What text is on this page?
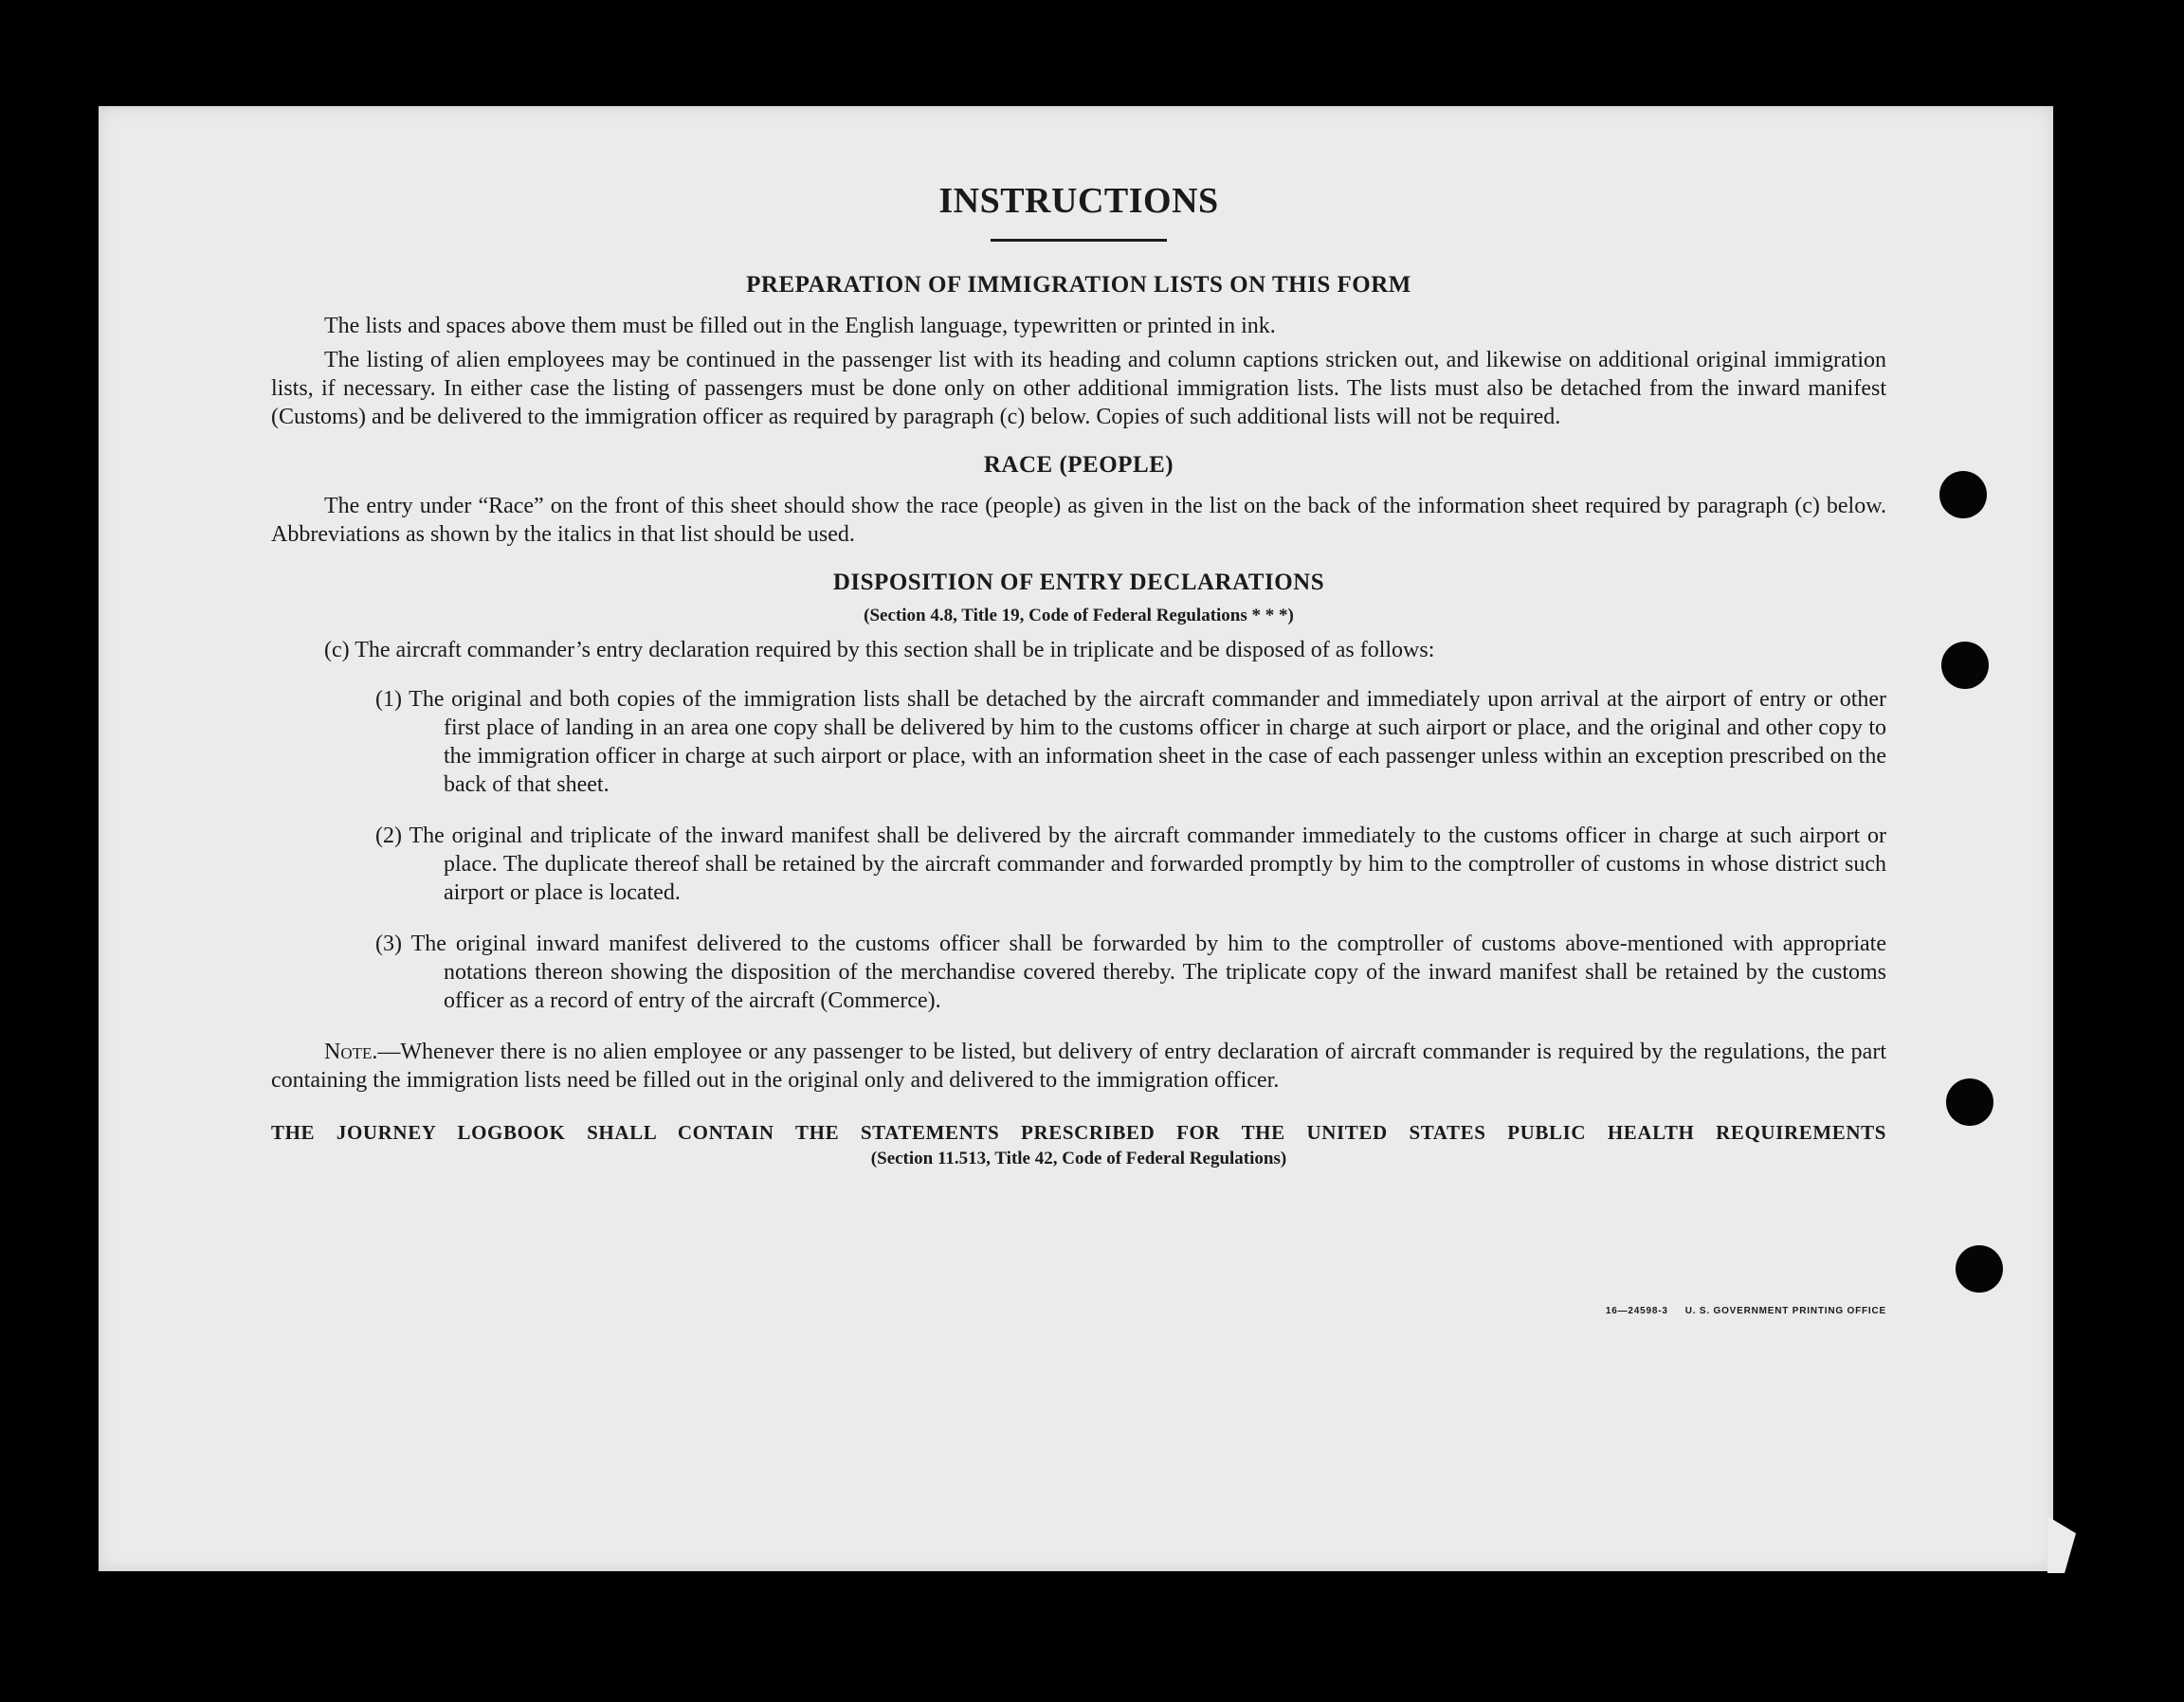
INSTRUCTIONS
PREPARATION OF IMMIGRATION LISTS ON THIS FORM

The lists and spaces above them must be filled out in the English language, typewritten or printed in ink.

The listing of alien employees may be continued in the passenger list with its heading and column captions stricken out, and likewise on additional original immigration lists, if necessary. In either case the listing of passengers must be done only on other additional immigration lists. The lists must also be detached from the inward manifest (Customs) and be delivered to the immigration officer as required by paragraph (c) below. Copies of such additional lists will not be required.

RACE (PEOPLE)

The entry under “Race” on the front of this sheet should show the race (people) as given in the list on the back of the information sheet required by paragraph (c) below. Abbreviations as shown by the italics in that list should be used.

DISPOSITION OF ENTRY DECLARATIONS

(Section 4.8, Title 19, Code of Federal Regulations * * *)

(c) The aircraft commander’s entry declaration required by this section shall be in triplicate and be disposed of as follows:

(1) The original and both copies of the immigration lists shall be detached by the aircraft commander and immediately upon arrival at the airport of entry or other first place of landing in an area one copy shall be delivered by him to the customs officer in charge at such airport or place, and the original and other copy to the immigration officer in charge at such airport or place, with an information sheet in the case of each passenger unless within an exception prescribed on the back of that sheet.

(2) The original and triplicate of the inward manifest shall be delivered by the aircraft commander immediately to the customs officer in charge at such airport or place. The duplicate thereof shall be retained by the aircraft commander and forwarded promptly by him to the comptroller of customs in whose district such airport or place is located.

(3) The original inward manifest delivered to the customs officer shall be forwarded by him to the comptroller of customs above-mentioned with appropriate notations thereon showing the disposition of the merchandise covered thereby. The triplicate copy of the inward manifest shall be retained by the customs officer as a record of entry of the aircraft (Commerce).

Note.—Whenever there is no alien employee or any passenger to be listed, but delivery of entry declaration of aircraft commander is required by the regulations, the part containing the immigration lists need be filled out in the original only and delivered to the immigration officer.

THE JOURNEY LOGBOOK SHALL CONTAIN THE STATEMENTS PRESCRIBED FOR THE UNITED STATES PUBLIC HEALTH REQUIREMENTS

(Section 11.513, Title 42, Code of Federal Regulations)

16—24598-3 U. S. GOVERNMENT PRINTING OFFICE
